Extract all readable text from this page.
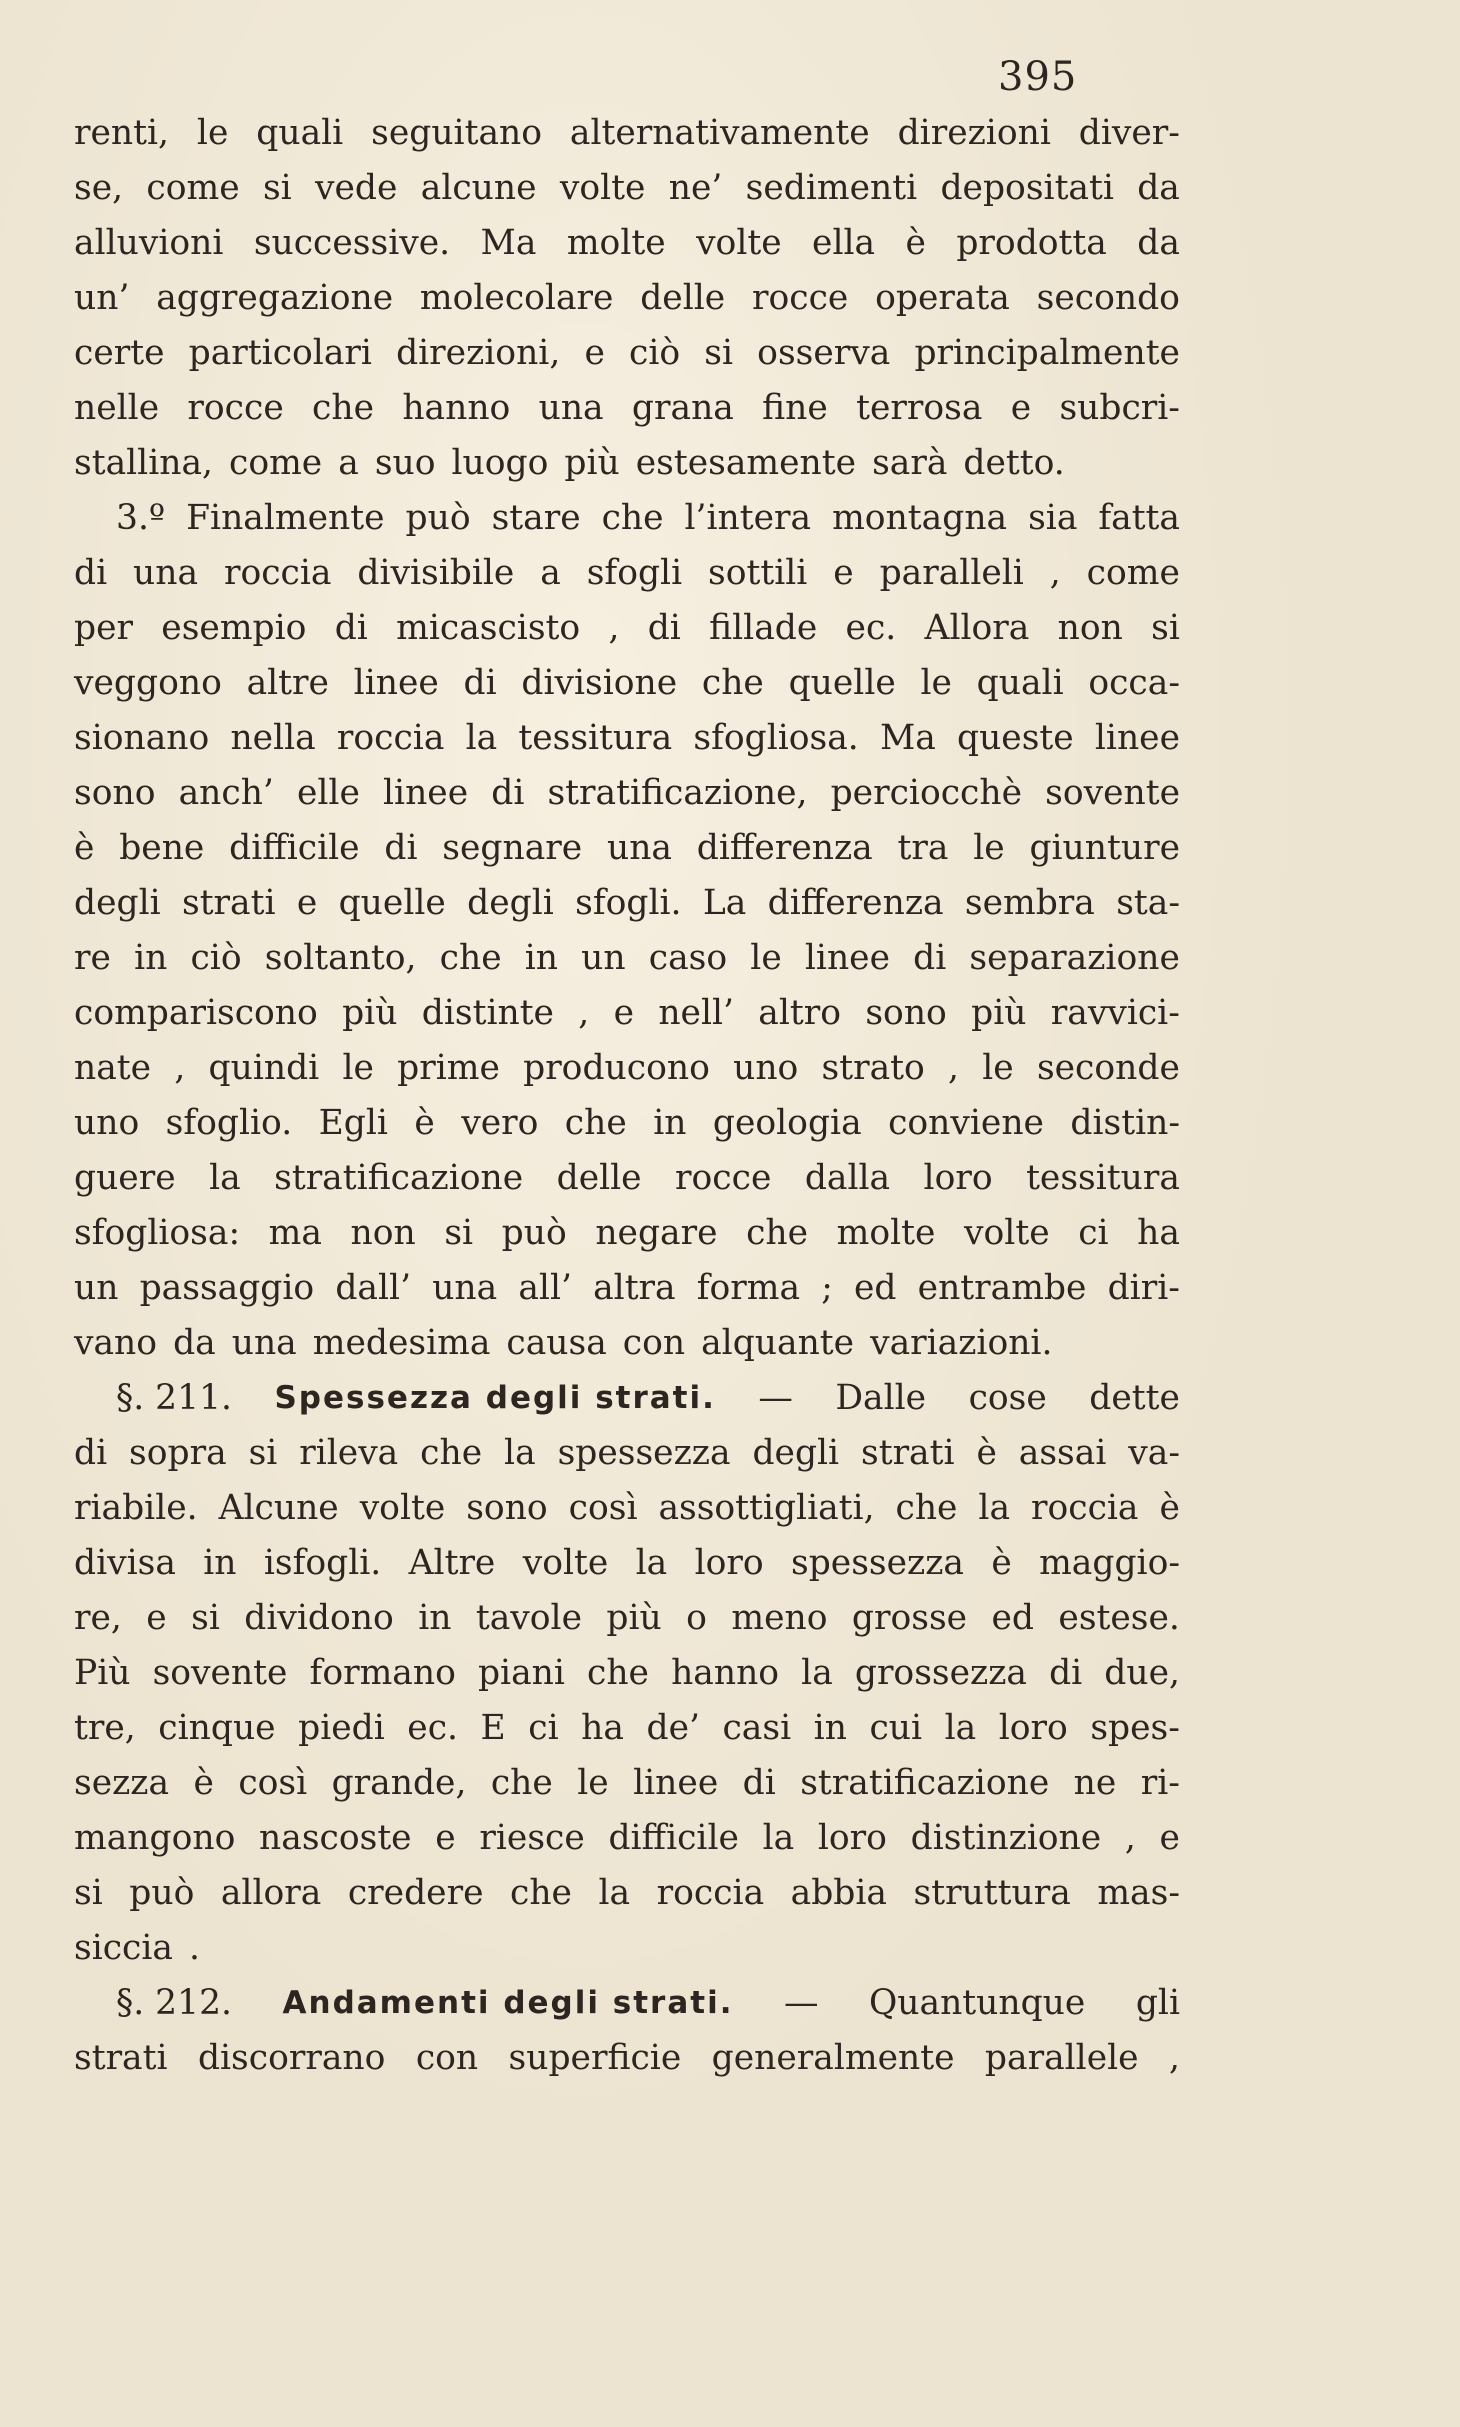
395
renti, le quali seguitano alternativamente direzioni diver-
se, come si vede alcune volte ne’ sedimenti depositati da
alluvioni successive. Ma molte volte ella è prodotta da
un’ aggregazione molecolare delle rocce operata secondo
certe particolari direzioni, e ciò si osserva principalmente
nelle rocce che hanno una grana fine terrosa e subcri-
stallina, come a suo luogo più estesamente sarà detto.
3.º Finalmente può stare che l’intera montagna sia fatta
di una roccia divisibile a sfogli sottili e paralleli , come
per esempio di micascisto , di fillade ec. Allora non si
veggono altre linee di divisione che quelle le quali occa-
sionano nella roccia la tessitura sfogliosa. Ma queste linee
sono anch’ elle linee di stratificazione, perciocchè sovente
è bene difficile di segnare una differenza tra le giunture
degli strati e quelle degli sfogli. La differenza sembra sta-
re in ciò soltanto, che in un caso le linee di separazione
compariscono più distinte , e nell’ altro sono più ravvici-
nate , quindi le prime producono uno strato , le seconde
uno sfoglio. Egli è vero che in geologia conviene distin-
guere la stratificazione delle rocce dalla loro tessitura
sfogliosa: ma non si può negare che molte volte ci ha
un passaggio dall’ una all’ altra forma ; ed entrambe diri-
vano da una medesima causa con alquante variazioni.
§. 211. Spessezza degli strati. — Dalle cose dette
di sopra si rileva che la spessezza degli strati è assai va-
riabile. Alcune volte sono così assottigliati, che la roccia è
divisa in isfogli. Altre volte la loro spessezza è maggio-
re, e si dividono in tavole più o meno grosse ed estese.
Più sovente formano piani che hanno la grossezza di due,
tre, cinque piedi ec. E ci ha de’ casi in cui la loro spes-
sezza è così grande, che le linee di stratificazione ne ri-
mangono nascoste e riesce difficile la loro distinzione , e
si può allora credere che la roccia abbia struttura mas-
siccia .
§. 212. Andamenti degli strati. — Quantunque gli
strati discorrano con superficie generalmente parallele ,
